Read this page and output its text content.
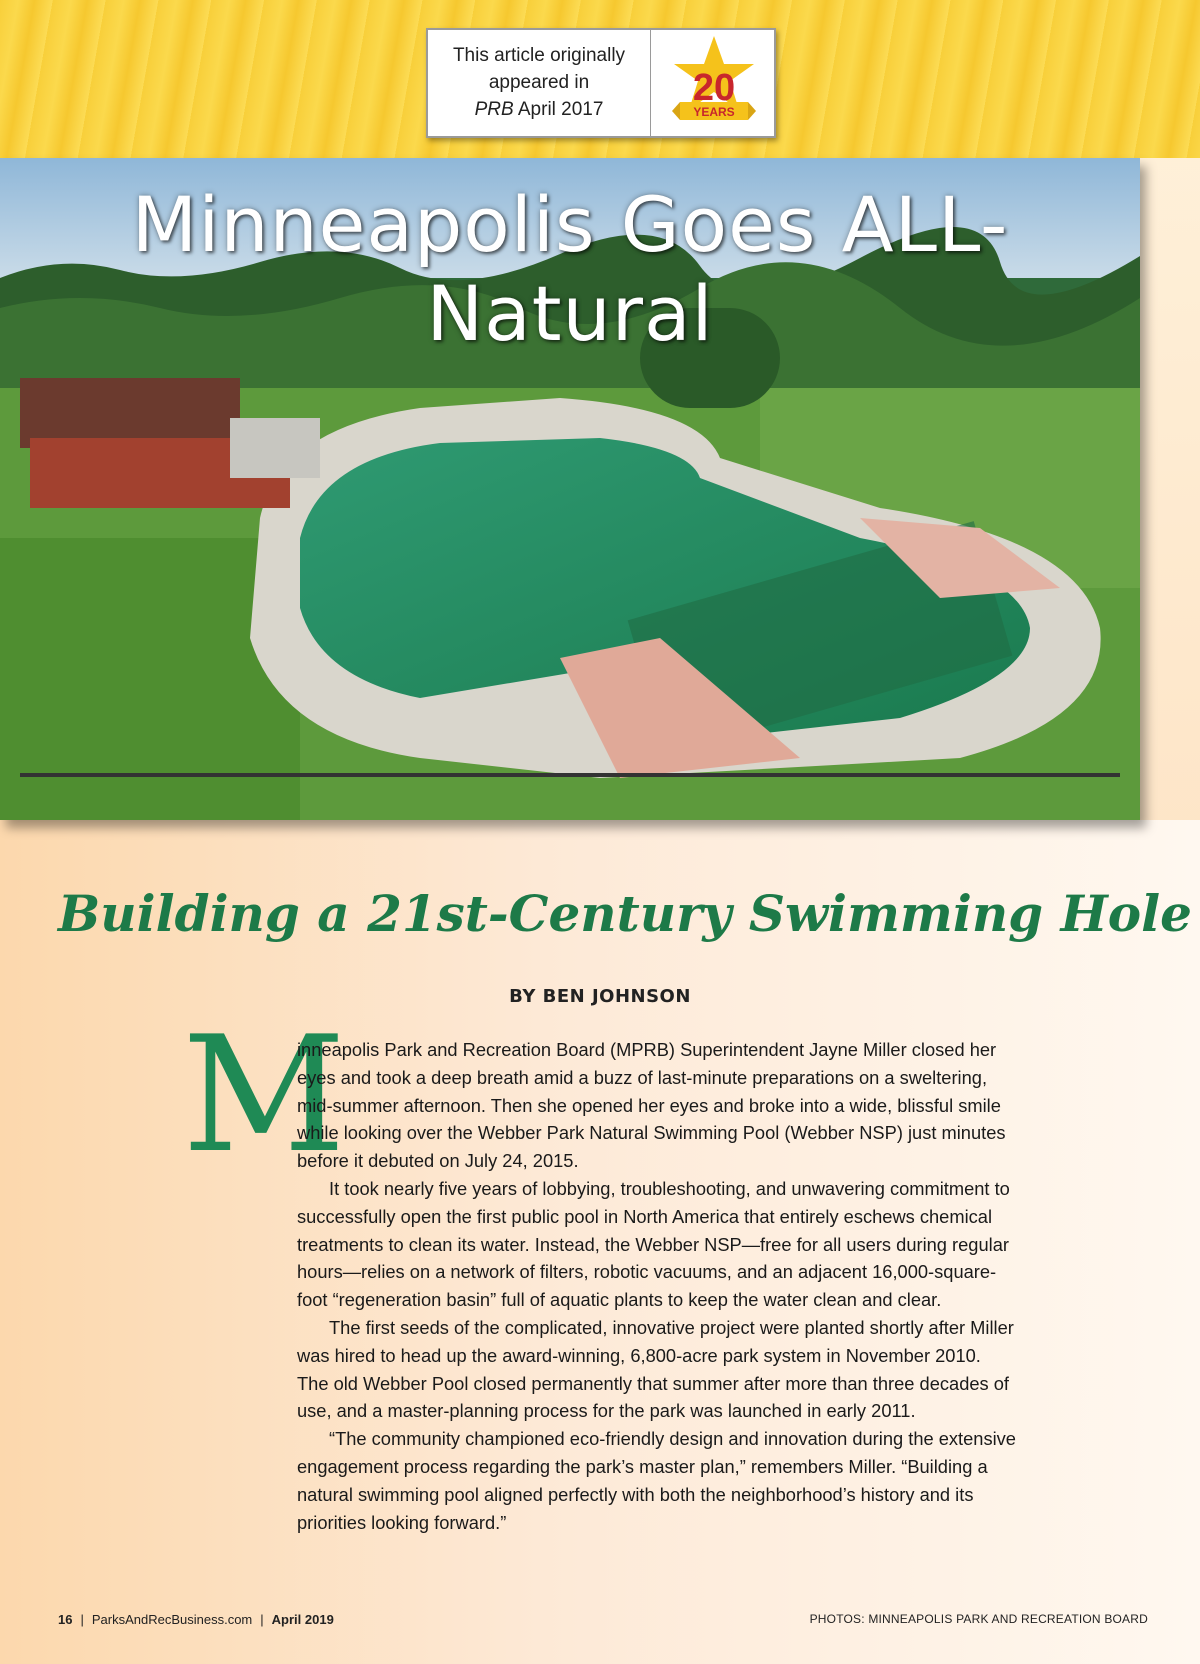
This article originally
appeared in
PRB April 2017
20
YEARS
Minneapolis Goes ALL-Natural
Building a 21st-Century Swimming Hole
BY BEN JOHNSON
M

inneapolis Park and Recreation Board (MPRB) Superintendent Jayne Miller closed her eyes and took a deep breath amid a buzz of last-minute preparations on a sweltering, mid-summer afternoon. Then she opened her eyes and broke into a wide, blissful smile while looking over the Webber Park Natural Swimming Pool (Webber NSP) just minutes before it debuted on July 24, 2015.

It took nearly five years of lobbying, troubleshooting, and unwavering commitment to successfully open the first public pool in North America that entirely eschews chemical treatments to clean its water. Instead, the Webber NSP—free for all users during regular hours—relies on a network of filters, robotic vacuums, and an adjacent 16,000-square-foot “regeneration basin” full of aquatic plants to keep the water clean and clear.

The first seeds of the complicated, innovative project were planted shortly after Miller was hired to head up the award-winning, 6,800-acre park system in November 2010. The old Webber Pool closed permanently that summer after more than three decades of use, and a master-planning process for the park was launched in early 2011.

“The community championed eco-friendly design and innovation during the extensive engagement process regarding the park’s master plan,” remembers Miller. “Building a natural swimming pool aligned perfectly with both the neighborhood’s history and its priorities looking forward.”

16 | ParksAndRecBusiness.com | April 2019	PHOTOS: MINNEAPOLIS PARK AND RECREATION BOARD
